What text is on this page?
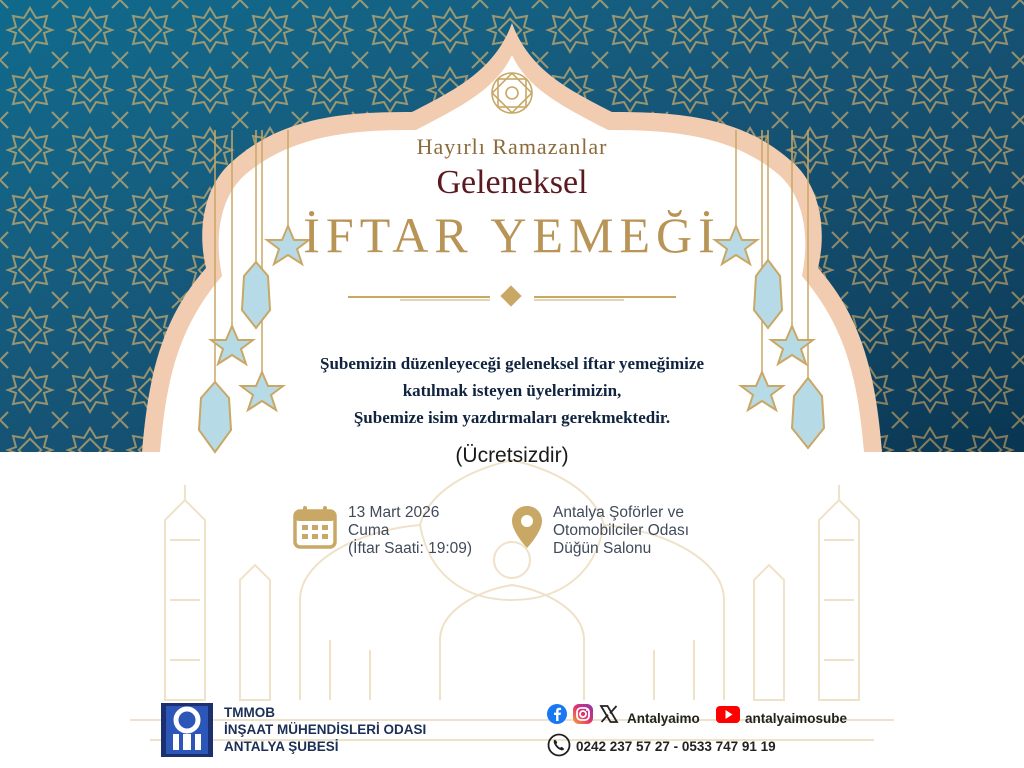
Hayırlı Ramazanlar
Geleneksel
İFTAR YEMEĞİ
Şubemizin düzenleyeceği geleneksel iftar yemeğimize
katılmak isteyen üyelerimizin,
Şubemize isim yazdırmaları gerekmektedir.
(Ücretsizdir)
13 Mart 2026
Cuma
(İftar Saati: 19:09)
Antalya Şoförler ve
Otomobilciler Odası
Düğün Salonu
TMMOB
İNŞAAT MÜHENDİSLERİ ODASI
ANTALYA ŞUBESİ
Antalyaimo	antalyaimosube
0242 237 57 27 - 0533 747 91 19
